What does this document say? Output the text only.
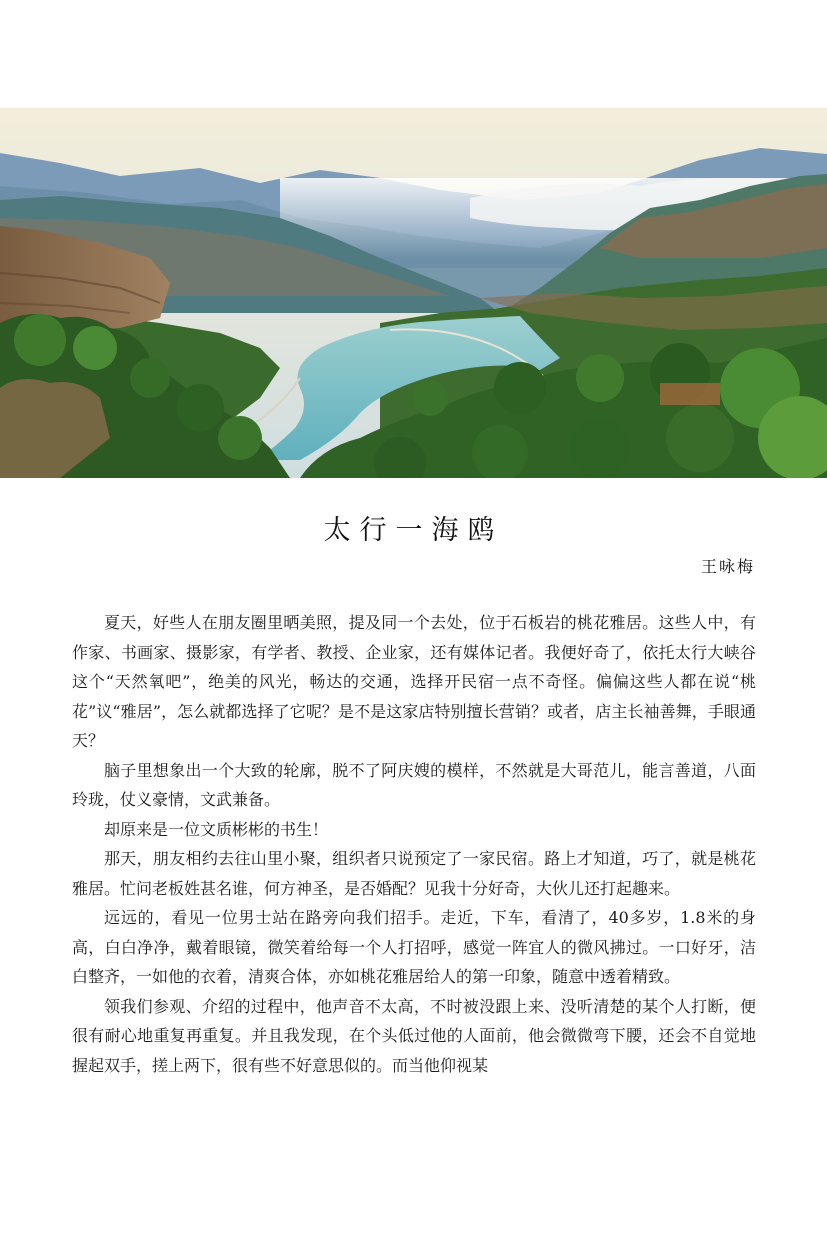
太行一海鸥
王咏梅

夏天，好些人在朋友圈里晒美照，提及同一个去处，位于石板岩的桃花雅居。这些人中，有作家、书画家、摄影家，有学者、教授、企业家，还有媒体记者。我便好奇了，依托太行大峡谷这个“天然氧吧”，绝美的风光，畅达的交通，选择开民宿一点不奇怪。偏偏这些人都在说“桃花”议“雅居”，怎么就都选择了它呢？是不是这家店特别擅长营销？或者，店主长袖善舞，手眼通天？

脑子里想象出一个大致的轮廓，脱不了阿庆嫂的模样，不然就是大哥范儿，能言善道，八面玲珑，仗义豪情，文武兼备。

却原来是一位文质彬彬的书生！

那天，朋友相约去往山里小聚，组织者只说预定了一家民宿。路上才知道，巧了，就是桃花雅居。忙问老板姓甚名谁，何方神圣，是否婚配？见我十分好奇，大伙儿还打起趣来。

远远的，看见一位男士站在路旁向我们招手。走近，下车，看清了，40多岁，1.8米的身高，白白净净，戴着眼镜，微笑着给每一个人打招呼，感觉一阵宜人的微风拂过。一口好牙，洁白整齐，一如他的衣着，清爽合体，亦如桃花雅居给人的第一印象，随意中透着精致。

领我们参观、介绍的过程中，他声音不太高，不时被没跟上来、没听清楚的某个人打断，便很有耐心地重复再重复。并且我发现，在个头低过他的人面前，他会微微弯下腰，还会不自觉地握起双手，搓上两下，很有些不好意思似的。而当他仰视某
